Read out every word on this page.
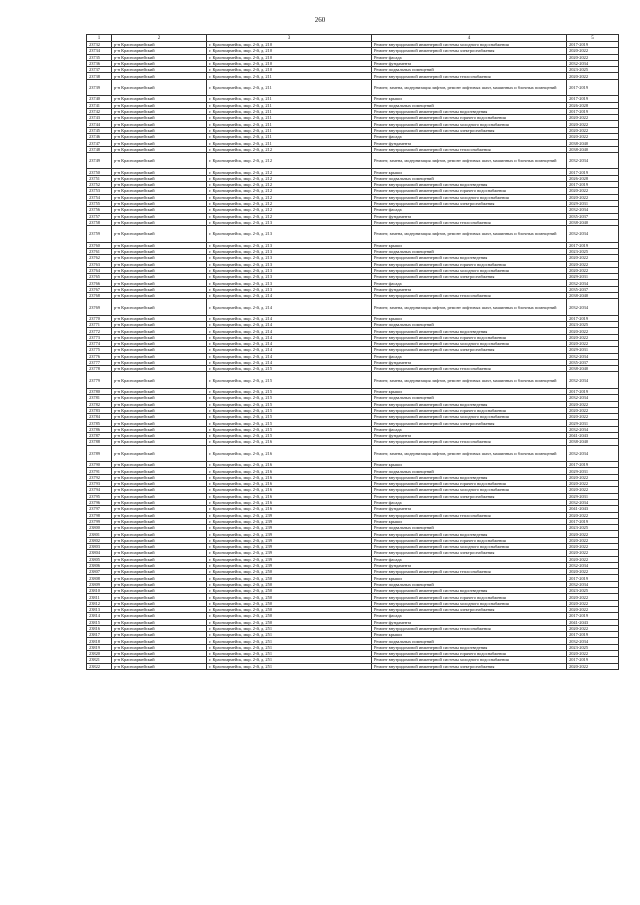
260
1	2	3	4	5
23732	р-н Красноармейский	г. Красноармейск, мкр. 2-й, д. 210	Ремонт внутридомовой инженерной системы холодного водоснабжения	2017-2019
23734	р-н Красноармейский	г. Красноармейск, мкр. 2-й, д. 210	Ремонт внутридомовой инженерной системы электроснабжения	2020-2022
23735	р-н Красноармейский	г. Красноармейск, мкр. 2-й, д. 210	Ремонт фасада	2020-2022
23736	р-н Красноармейский	г. Красноармейск, мкр. 2-й, д. 210	Ремонт фундамента	2032-2034
23737	р-н Красноармейский	г. Красноармейск, мкр. 2-й, д. 210	Ремонт подвальных помещений	2023-2025
23738	р-н Красноармейский	г. Красноармейск, мкр. 2-й, д. 211	Ремонт внутридомовой инженерной системы теплоснабжения	2020-2022
23739	р-н Красноармейский	г. Красноармейск, мкр. 2-й, д. 211	Ремонт, замена, модернизация лифтов, ремонт лифтовых шахт, машинных и блочных помещений	2017-2019
23740	р-н Красноармейский	г. Красноармейск, мкр. 2-й, д. 211	Ремонт крыши	2017-2019
23741	р-н Красноармейский	г. Красноармейск, мкр. 2-й, д. 211	Ремонт подвальных помещений	2026-2028
23742	р-н Красноармейский	г. Красноармейск, мкр. 2-й, д. 211	Ремонт внутридомовой инженерной системы водоотведения	2017-2019
23743	р-н Красноармейский	г. Красноармейск, мкр. 2-й, д. 211	Ремонт внутридомовой инженерной системы горячего водоснабжения	2020-2022
23744	р-н Красноармейский	г. Красноармейск, мкр. 2-й, д. 211	Ремонт внутридомовой инженерной системы холодного водоснабжения	2020-2022
23745	р-н Красноармейский	г. Красноармейск, мкр. 2-й, д. 211	Ремонт внутридомовой инженерной системы электроснабжения	2020-2022
23746	р-н Красноармейский	г. Красноармейск, мкр. 2-й, д. 211	Ремонт фасада	2020-2022
23747	р-н Красноармейский	г. Красноармейск, мкр. 2-й, д. 211	Ремонт фундамента	2038-2040
23748	р-н Красноармейский	г. Красноармейск, мкр. 2-й, д. 212	Ремонт внутридомовой инженерной системы теплоснабжения	2038-2040
23749	р-н Красноармейский	г. Красноармейск, мкр. 2-й, д. 212	Ремонт, замена, модернизация лифтов, ремонт лифтовых шахт, машинных и блочных помещений	2032-2034
23750	р-н Красноармейский	г. Красноармейск, мкр. 2-й, д. 212	Ремонт крыши	2017-2019
23751	р-н Красноармейский	г. Красноармейск, мкр. 2-й, д. 212	Ремонт подвальных помещений	2026-2028
23752	р-н Красноармейский	г. Красноармейск, мкр. 2-й, д. 212	Ремонт внутридомовой инженерной системы водоотведения	2017-2019
23753	р-н Красноармейский	г. Красноармейск, мкр. 2-й, д. 212	Ремонт внутридомовой инженерной системы горячего водоснабжения	2020-2022
23754	р-н Красноармейский	г. Красноармейск, мкр. 2-й, д. 212	Ремонт внутридомовой инженерной системы холодного водоснабжения	2020-2022
23755	р-н Красноармейский	г. Красноармейск, мкр. 2-й, д. 212	Ремонт внутридомовой инженерной системы электроснабжения	2029-2031
23756	р-н Красноармейский	г. Красноармейск, мкр. 2-й, д. 212	Ремонт фасада	2032-2034
23757	р-н Красноармейский	г. Красноармейск, мкр. 2-й, д. 212	Ремонт фундамента	2035-2037
23758	р-н Красноармейский	г. Красноармейск, мкр. 2-й, д. 213	Ремонт внутридомовой инженерной системы теплоснабжения	2038-2040
23759	р-н Красноармейский	г. Красноармейск, мкр. 2-й, д. 213	Ремонт, замена, модернизация лифтов, ремонт лифтовых шахт, машинных и блочных помещений	2032-2034
23760	р-н Красноармейский	г. Красноармейск, мкр. 2-й, д. 213	Ремонт крыши	2017-2019
23761	р-н Красноармейский	г. Красноармейск, мкр. 2-й, д. 213	Ремонт подвальных помещений	2023-2025
23762	р-н Красноармейский	г. Красноармейск, мкр. 2-й, д. 213	Ремонт внутридомовой инженерной системы водоотведения	2020-2022
23763	р-н Красноармейский	г. Красноармейск, мкр. 2-й, д. 213	Ремонт внутридомовой инженерной системы горячего водоснабжения	2020-2022
23764	р-н Красноармейский	г. Красноармейск, мкр. 2-й, д. 213	Ремонт внутридомовой инженерной системы холодного водоснабжения	2020-2022
23765	р-н Красноармейский	г. Красноармейск, мкр. 2-й, д. 213	Ремонт внутридомовой инженерной системы электроснабжения	2029-2031
23766	р-н Красноармейский	г. Красноармейск, мкр. 2-й, д. 213	Ремонт фасада	2032-2034
23767	р-н Красноармейский	г. Красноармейск, мкр. 2-й, д. 213	Ремонт фундамента	2035-2037
23768	р-н Красноармейский	г. Красноармейск, мкр. 2-й, д. 214	Ремонт внутридомовой инженерной системы теплоснабжения	2038-2040
23769	р-н Красноармейский	г. Красноармейск, мкр. 2-й, д. 214	Ремонт, замена, модернизация лифтов, ремонт лифтовых шахт, машинных и блочных помещений	2032-2034
23770	р-н Красноармейский	г. Красноармейск, мкр. 2-й, д. 214	Ремонт крыши	2017-2019
23771	р-н Красноармейский	г. Красноармейск, мкр. 2-й, д. 214	Ремонт подвальных помещений	2023-2025
23772	р-н Красноармейский	г. Красноармейск, мкр. 2-й, д. 214	Ремонт внутридомовой инженерной системы водоотведения	2020-2022
23773	р-н Красноармейский	г. Красноармейск, мкр. 2-й, д. 214	Ремонт внутридомовой инженерной системы горячего водоснабжения	2020-2022
23774	р-н Красноармейский	г. Красноармейск, мкр. 2-й, д. 214	Ремонт внутридомовой инженерной системы холодного водоснабжения	2020-2022
23775	р-н Красноармейский	г. Красноармейск, мкр. 2-й, д. 214	Ремонт внутридомовой инженерной системы электроснабжения	2029-2031
23776	р-н Красноармейский	г. Красноармейск, мкр. 2-й, д. 214	Ремонт фасада	2032-2034
23777	р-н Красноармейский	г. Красноармейск, мкр. 2-й, д. 214	Ремонт фундамента	2035-2037
23778	р-н Красноармейский	г. Красноармейск, мкр. 2-й, д. 215	Ремонт внутридомовой инженерной системы теплоснабжения	2038-2040
23779	р-н Красноармейский	г. Красноармейск, мкр. 2-й, д. 215	Ремонт, замена, модернизация лифтов, ремонт лифтовых шахт, машинных и блочных помещений	2032-2034
23780	р-н Красноармейский	г. Красноармейск, мкр. 2-й, д. 215	Ремонт крыши	2017-2019
23781	р-н Красноармейский	г. Красноармейск, мкр. 2-й, д. 215	Ремонт подвальных помещений	2032-2034
23782	р-н Красноармейский	г. Красноармейск, мкр. 2-й, д. 215	Ремонт внутридомовой инженерной системы водоотведения	2020-2022
23783	р-н Красноармейский	г. Красноармейск, мкр. 2-й, д. 215	Ремонт внутридомовой инженерной системы горячего водоснабжения	2020-2022
23784	р-н Красноармейский	г. Красноармейск, мкр. 2-й, д. 215	Ремонт внутридомовой инженерной системы холодного водоснабжения	2020-2022
23785	р-н Красноармейский	г. Красноармейск, мкр. 2-й, д. 215	Ремонт внутридомовой инженерной системы электроснабжения	2029-2031
23786	р-н Красноармейский	г. Красноармейск, мкр. 2-й, д. 215	Ремонт фасада	2032-2034
23787	р-н Красноармейский	г. Красноармейск, мкр. 2-й, д. 215	Ремонт фундамента	2041-2043
23788	р-н Красноармейский	г. Красноармейск, мкр. 2-й, д. 216	Ремонт внутридомовой инженерной системы теплоснабжения	2038-2040
23789	р-н Красноармейский	г. Красноармейск, мкр. 2-й, д. 216	Ремонт, замена, модернизация лифтов, ремонт лифтовых шахт, машинных и блочных помещений	2032-2034
23790	р-н Красноармейский	г. Красноармейск, мкр. 2-й, д. 216	Ремонт крыши	2017-2019
23791	р-н Красноармейский	г. Красноармейск, мкр. 2-й, д. 216	Ремонт подвальных помещений	2029-2031
23792	р-н Красноармейский	г. Красноармейск, мкр. 2-й, д. 216	Ремонт внутридомовой инженерной системы водоотведения	2020-2022
23793	р-н Красноармейский	г. Красноармейск, мкр. 2-й, д. 216	Ремонт внутридомовой инженерной системы горячего водоснабжения	2020-2022
23794	р-н Красноармейский	г. Красноармейск, мкр. 2-й, д. 216	Ремонт внутридомовой инженерной системы холодного водоснабжения	2020-2022
23795	р-н Красноармейский	г. Красноармейск, мкр. 2-й, д. 216	Ремонт внутридомовой инженерной системы электроснабжения	2029-2031
23796	р-н Красноармейский	г. Красноармейск, мкр. 2-й, д. 216	Ремонт фасада	2032-2034
23797	р-н Красноармейский	г. Красноармейск, мкр. 2-й, д. 216	Ремонт фундамента	2041-2043
23798	р-н Красноармейский	г. Красноармейск, мкр. 2-й, д. 239	Ремонт внутридомовой инженерной системы теплоснабжения	2020-2022
23799	р-н Красноармейский	г. Красноармейск, мкр. 2-й, д. 239	Ремонт крыши	2017-2019
23800	р-н Красноармейский	г. Красноармейск, мкр. 2-й, д. 239	Ремонт подвальных помещений	2023-2025
23801	р-н Красноармейский	г. Красноармейск, мкр. 2-й, д. 239	Ремонт внутридомовой инженерной системы водоотведения	2020-2022
23802	р-н Красноармейский	г. Красноармейск, мкр. 2-й, д. 239	Ремонт внутридомовой инженерной системы горячего водоснабжения	2020-2022
23803	р-н Красноармейский	г. Красноармейск, мкр. 2-й, д. 239	Ремонт внутридомовой инженерной системы холодного водоснабжения	2020-2022
23804	р-н Красноармейский	г. Красноармейск, мкр. 2-й, д. 239	Ремонт внутридомовой инженерной системы электроснабжения	2020-2022
23805	р-н Красноармейский	г. Красноармейск, мкр. 2-й, д. 239	Ремонт фасада	2020-2022
23806	р-н Красноармейский	г. Красноармейск, мкр. 2-й, д. 239	Ремонт фундамента	2032-2034
23807	р-н Красноармейский	г. Красноармейск, мкр. 2-й, д. 250	Ремонт внутридомовой инженерной системы теплоснабжения	2020-2022
23808	р-н Красноармейский	г. Красноармейск, мкр. 2-й, д. 250	Ремонт крыши	2017-2019
23809	р-н Красноармейский	г. Красноармейск, мкр. 2-й, д. 250	Ремонт подвальных помещений	2032-2034
23810	р-н Красноармейский	г. Красноармейск, мкр. 2-й, д. 250	Ремонт внутридомовой инженерной системы водоотведения	2023-2025
23811	р-н Красноармейский	г. Красноармейск, мкр. 2-й, д. 250	Ремонт внутридомовой инженерной системы горячего водоснабжения	2020-2022
23812	р-н Красноармейский	г. Красноармейск, мкр. 2-й, д. 250	Ремонт внутридомовой инженерной системы холодного водоснабжения	2020-2022
23813	р-н Красноармейский	г. Красноармейск, мкр. 2-й, д. 250	Ремонт внутридомовой инженерной системы электроснабжения	2020-2022
23814	р-н Красноармейский	г. Красноармейск, мкр. 2-й, д. 250	Ремонт фасада	2017-2019
23815	р-н Красноармейский	г. Красноармейск, мкр. 2-й, д. 250	Ремонт фундамента	2041-2043
23816	р-н Красноармейский	г. Красноармейск, мкр. 2-й, д. 251	Ремонт внутридомовой инженерной системы теплоснабжения	2020-2022
23817	р-н Красноармейский	г. Красноармейск, мкр. 2-й, д. 251	Ремонт крыши	2017-2019
23818	р-н Красноармейский	г. Красноармейск, мкр. 2-й, д. 251	Ремонт подвальных помещений	2032-2034
23819	р-н Красноармейский	г. Красноармейск, мкр. 2-й, д. 251	Ремонт внутридомовой инженерной системы водоотведения	2023-2025
23820	р-н Красноармейский	г. Красноармейск, мкр. 2-й, д. 251	Ремонт внутридомовой инженерной системы горячего водоснабжения	2020-2022
23821	р-н Красноармейский	г. Красноармейск, мкр. 2-й, д. 251	Ремонт внутридомовой инженерной системы холодного водоснабжения	2017-2019
23822	р-н Красноармейский	г. Красноармейск, мкр. 2-й, д. 251	Ремонт внутридомовой инженерной системы электроснабжения	2020-2022
